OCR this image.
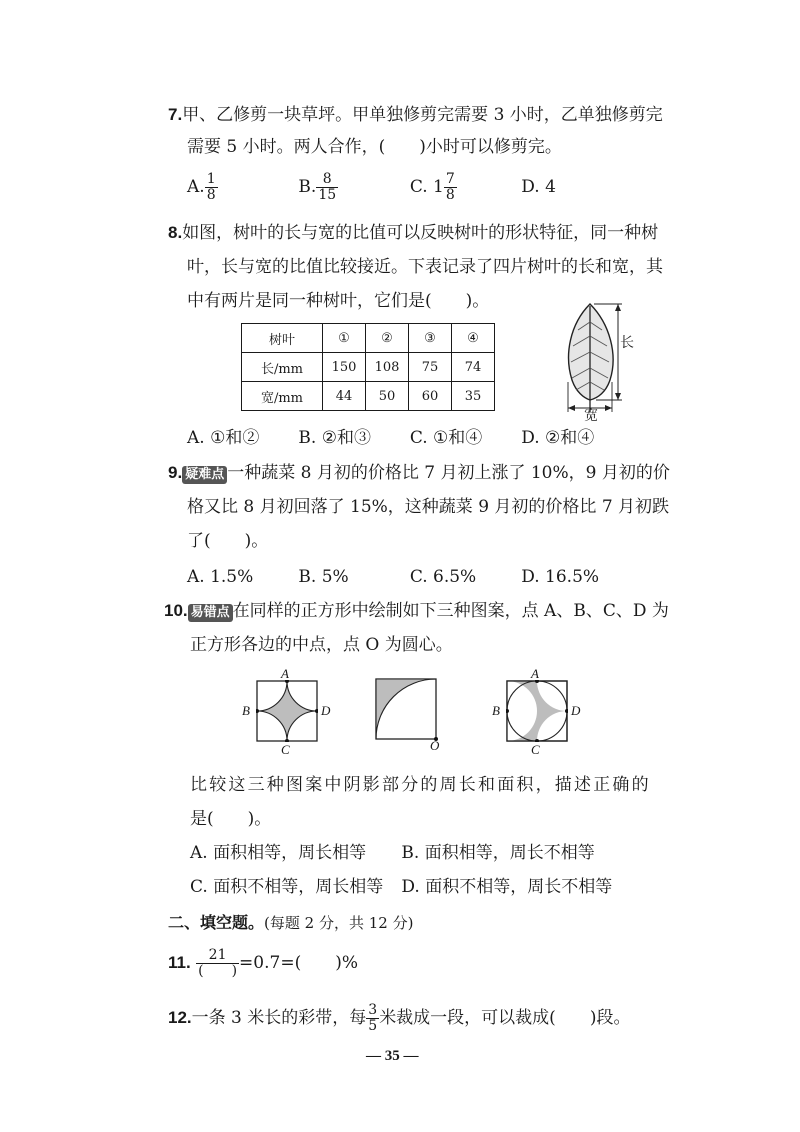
7.甲、乙修剪一块草坪。甲单独修剪完需要 3 小时，乙单独修剪完
需要 5 小时。两人合作，(　　)小时可以修剪完。
A. $\frac{1}{8}$	B. $\frac{8}{15}$	C. $1 \frac{7}{8}$	D. 4
8.如图，树叶的长与宽的比值可以反映树叶的形状特征，同一种树
叶，长与宽的比值比较接近。下表记录了四片树叶的长和宽，其
中有两片是同一种树叶，它们是(　　)。
树叶	①	②	③	④
长/mm	150	108	75	74
宽/mm	44	50	60	35
长
宽
A. ①和② B. ②和③ C. ①和④ D. ②和④
9. 疑难点 一种蔬菜 8 月初的价格比 7 月初上涨了 10%，9 月初的价
格又比 8 月初回落了 15%，这种蔬菜 9 月初的价格比 7 月初跌
了(　　)。
A. 1.5%	B. 5%	C. 6.5%	D. 16.5%
10. 易错点 在同样的正方形中绘制如下三种图案，点 A、B、C、D 为
正方形各边的中点，点 O 为圆心。
A
B
C
D
O
A
B
C
D
比较这三种图案中阴影部分的周长和面积，描述正确的
是(　　)。
A. 面积相等，周长相等 B. 面积相等，周长不相等
C. 面积不相等，周长相等 D. 面积不相等，周长不相等
二、填空题。(每题 2 分，共 12 分)
11. $\frac{21}{( )} =0.7=$(　　)%
12.一条 3 米长的彩带，每 $\frac{3}{5}$ 米裁成一段，可以裁成(　　)段。
— 35 —
